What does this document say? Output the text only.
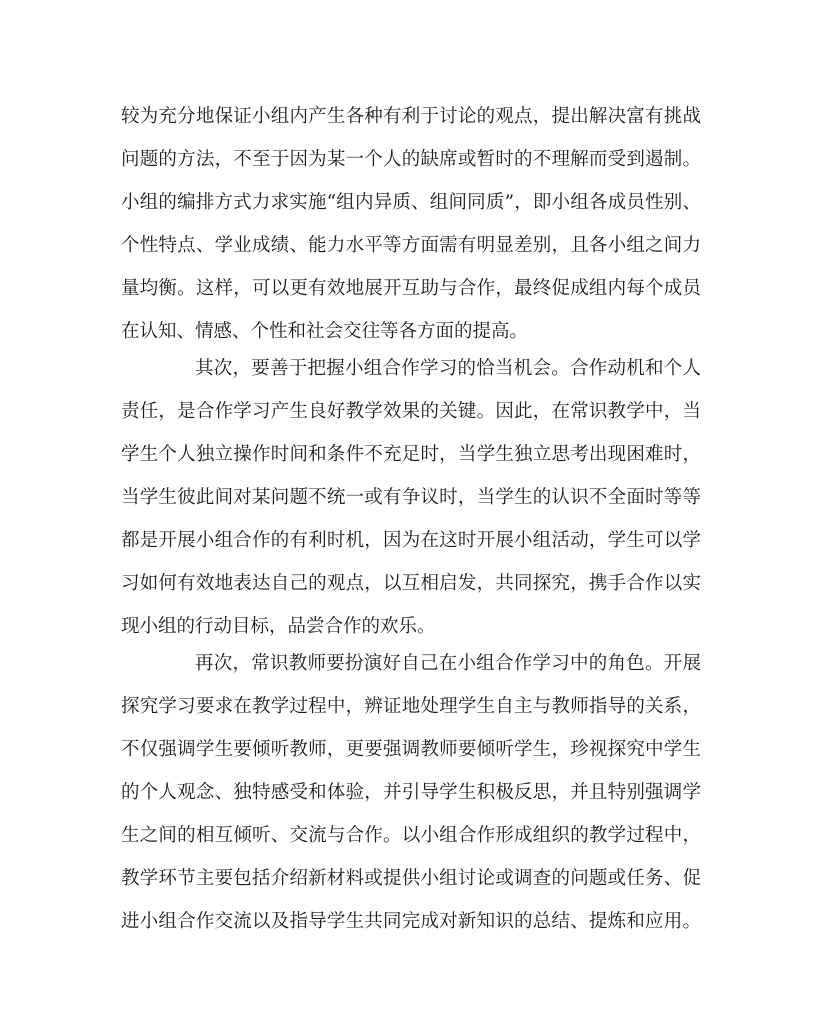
较为充分地保证小组内产生各种有利于讨论的观点，提出解决富有挑战
问题的方法，不至于因为某一个人的缺席或暂时的不理解而受到遏制。
小组的编排方式力求实施“组内异质、组间同质”，即小组各成员性别、
个性特点、学业成绩、能力水平等方面需有明显差别，且各小组之间力
量均衡。这样，可以更有效地展开互助与合作，最终促成组内每个成员
在认知、情感、个性和社会交往等各方面的提高。
其次，要善于把握小组合作学习的恰当机会。合作动机和个人
责任，是合作学习产生良好教学效果的关键。因此，在常识教学中，当
学生个人独立操作时间和条件不充足时，当学生独立思考出现困难时，
当学生彼此间对某问题不统一或有争议时，当学生的认识不全面时等等
都是开展小组合作的有利时机，因为在这时开展小组活动，学生可以学
习如何有效地表达自己的观点，以互相启发，共同探究，携手合作以实
现小组的行动目标，品尝合作的欢乐。
再次，常识教师要扮演好自己在小组合作学习中的角色。开展
探究学习要求在教学过程中，辨证地处理学生自主与教师指导的关系，
不仅强调学生要倾听教师，更要强调教师要倾听学生，珍视探究中学生
的个人观念、独特感受和体验，并引导学生积极反思，并且特别强调学
生之间的相互倾听、交流与合作。以小组合作形成组织的教学过程中，
教学环节主要包括介绍新材料或提供小组讨论或调查的问题或任务、促
进小组合作交流以及指导学生共同完成对新知识的总结、提炼和应用。
